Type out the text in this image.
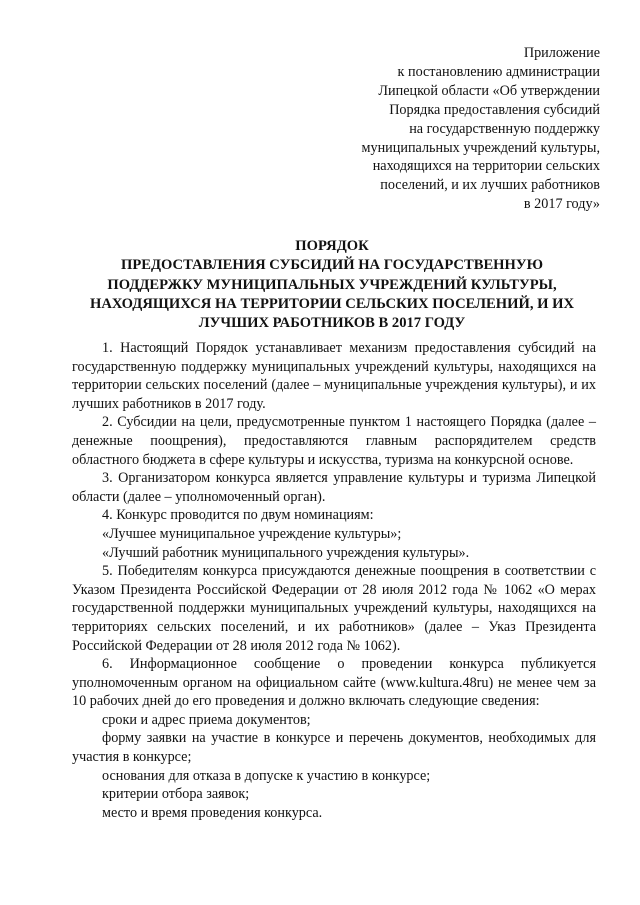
Приложение
к постановлению администрации
Липецкой области «Об утверждении
Порядка предоставления субсидий
на государственную поддержку
муниципальных учреждений культуры,
находящихся на территории сельских
поселений, и их лучших работников
в 2017 году»
ПОРЯДОК
ПРЕДОСТАВЛЕНИЯ СУБСИДИЙ НА ГОСУДАРСТВЕННУЮ
ПОДДЕРЖКУ МУНИЦИПАЛЬНЫХ УЧРЕЖДЕНИЙ КУЛЬТУРЫ,
НАХОДЯЩИХСЯ НА ТЕРРИТОРИИ СЕЛЬСКИХ ПОСЕЛЕНИЙ, И ИХ
ЛУЧШИХ РАБОТНИКОВ В 2017 ГОДУ

1. Настоящий Порядок устанавливает механизм предоставления субсидий на государственную поддержку муниципальных учреждений культуры, находящихся на территории сельских поселений (далее – муниципальные учреждения культуры), и их лучших работников в 2017 году.

2. Субсидии на цели, предусмотренные пунктом 1 настоящего Порядка (далее – денежные поощрения), предоставляются главным распорядителем средств областного бюджета в сфере культуры и искусства, туризма на конкурсной основе.

3. Организатором конкурса является управление культуры и туризма Липецкой области (далее – уполномоченный орган).

4. Конкурс проводится по двум номинациям:

«Лучшее муниципальное учреждение культуры»;

«Лучший работник муниципального учреждения культуры».

5. Победителям конкурса присуждаются денежные поощрения в соответствии с Указом Президента Российской Федерации от 28 июля 2012 года № 1062 «О мерах государственной поддержки муниципальных учреждений культуры, находящихся на территориях сельских поселений, и их работников» (далее – Указ Президента Российской Федерации от 28 июля 2012 года № 1062).

6. Информационное сообщение о проведении конкурса публикуется уполномоченным органом на официальном сайте (www.kultura.48ru) не менее чем за 10 рабочих дней до его проведения и должно включать следующие сведения:

сроки и адрес приема документов;

форму заявки на участие в конкурсе и перечень документов, необходимых для участия в конкурсе;

основания для отказа в допуске к участию в конкурсе;

критерии отбора заявок;

место и время проведения конкурса.
